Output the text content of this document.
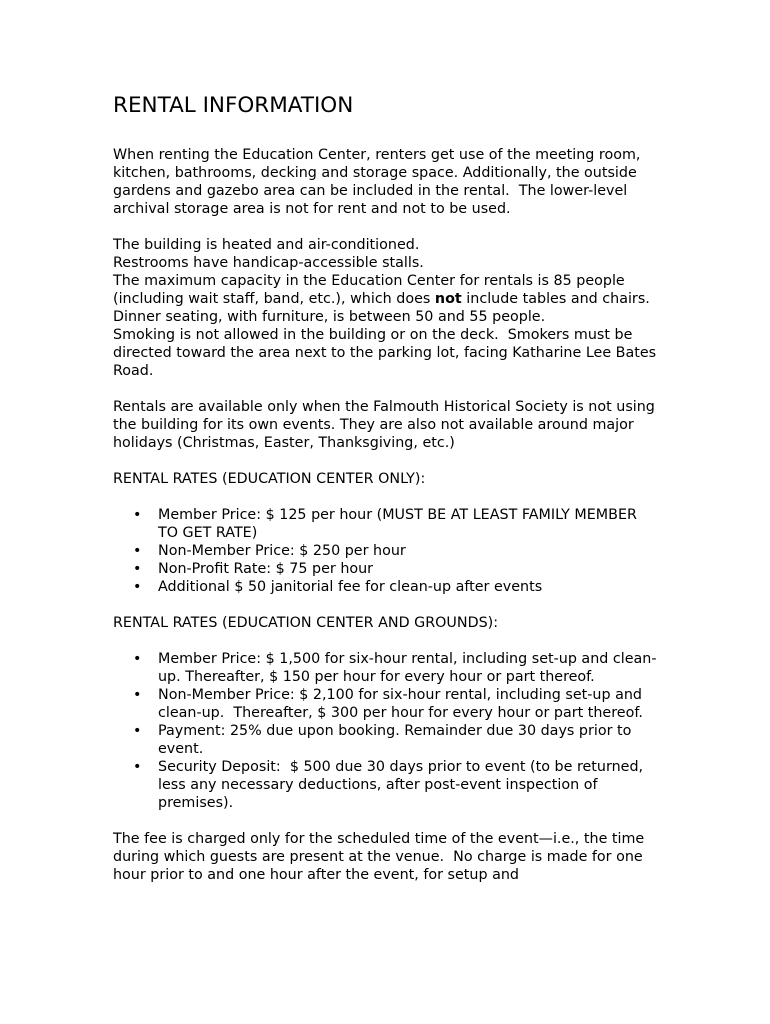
RENTAL INFORMATION

When renting the Education Center, renters get use of the meeting room, kitchen, bathrooms, decking and storage space. Additionally, the outside gardens and gazebo area can be included in the rental.  The lower-level archival storage area is not for rent and not to be used.

The building is heated and air-conditioned.

Restrooms have handicap-accessible stalls.

The maximum capacity in the Education Center for rentals is 85 people (including wait staff, band, etc.), which does not include tables and chairs. Dinner seating, with furniture, is between 50 and 55 people.

Smoking is not allowed in the building or on the deck.  Smokers must be directed toward the area next to the parking lot, facing Katharine Lee Bates Road.

Rentals are available only when the Falmouth Historical Society is not using the building for its own events. They are also not available around major holidays (Christmas, Easter, Thanksgiving, etc.)

RENTAL RATES (EDUCATION CENTER ONLY):

• Member Price: $ 125 per hour (MUST BE AT LEAST FAMILY MEMBER TO GET RATE)
• Non-Member Price: $ 250 per hour
• Non-Profit Rate: $ 75 per hour
• Additional $ 50 janitorial fee for clean-up after events

RENTAL RATES (EDUCATION CENTER AND GROUNDS):

• Member Price: $ 1,500 for six-hour rental, including set-up and clean-up. Thereafter, $ 150 per hour for every hour or part thereof.
• Non-Member Price: $ 2,100 for six-hour rental, including set-up and clean-up.  Thereafter, $ 300 per hour for every hour or part thereof.
• Payment: 25% due upon booking. Remainder due 30 days prior to event.
• Security Deposit:  $ 500 due 30 days prior to event (to be returned, less any necessary deductions, after post-event inspection of premises).

The fee is charged only for the scheduled time of the event—i.e., the time during which guests are present at the venue.  No charge is made for one hour prior to and one hour after the event, for setup and
